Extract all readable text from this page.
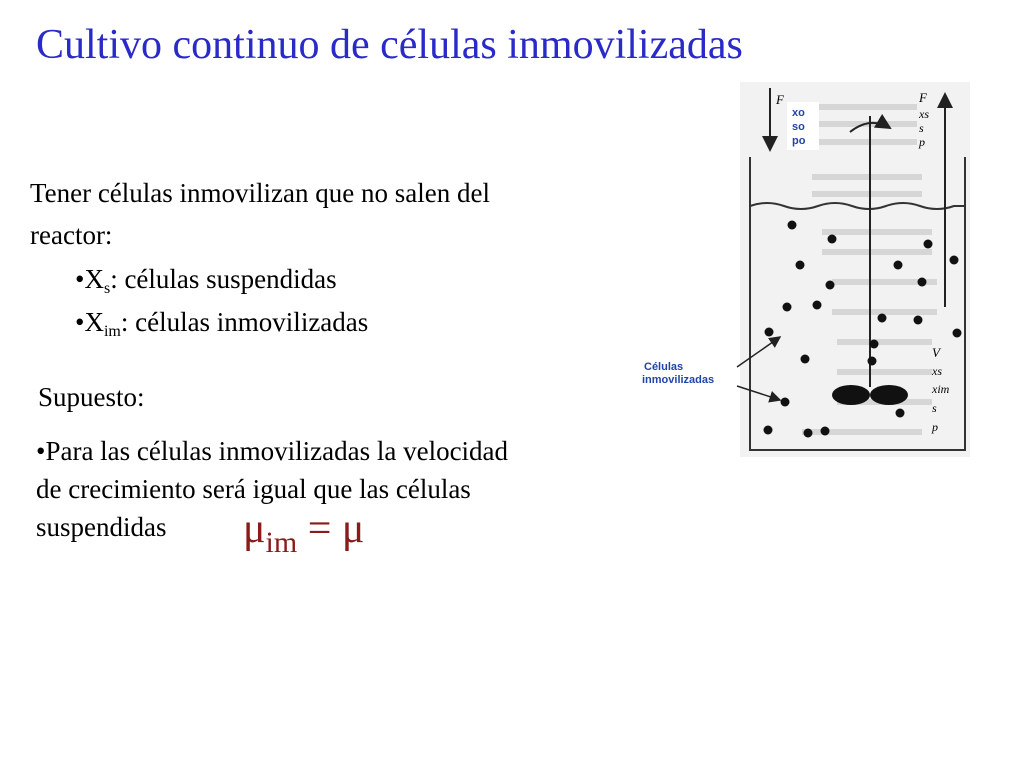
Cultivo continuo de células inmovilizadas
Tener células inmovilizan que no salen del
reactor:
$•X_s$: células suspendidas
$•X_{im}$: células inmovilizadas
Supuesto:
•Para las células inmovilizadas la velocidad
de crecimiento será igual que las células
suspendidas	$\mu_{im} = \mu$
F
xo
so
po
F
xs
s
p
V
xs
xim
s
p
Células
inmovilizadas
